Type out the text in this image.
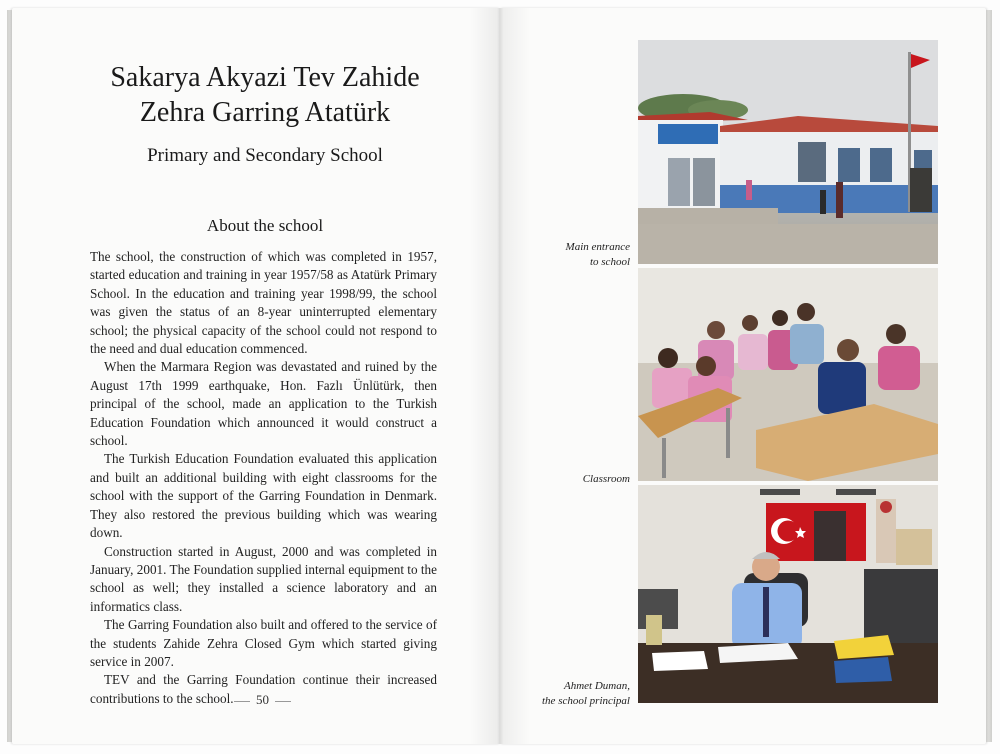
Sakarya Akyazi Tev Zahide
Zehra Garring Atatürk
Primary and Secondary School
About the school

The school, the construction of which was completed in 1957, started education and training in year 1957/58 as Atatürk Primary School. In the education and training year 1998/99, the school was given the status of an 8-year uninterrupted elementary school; the physical capacity of the school could not respond to the need and dual education commenced.

When the Marmara Region was devastated and ruined by the August 17th 1999 earthquake, Hon. Fazlı Ünlütürk, then principal of the school, made an application to the Turkish Education Foundation which announced it would construct a school.

The Turkish Education Foundation evaluated this application and built an additional building with eight classrooms for the school with the support of the Garring Foundation in Denmark. They also restored the previous building which was wearing down.

Construction started in August, 2000 and was completed in January, 2001. The Foundation supplied internal equipment to the school as well; they installed a science laboratory and an informatics class.

The Garring Foundation also built and offered to the service of the students Zahide Zehra Closed Gym which started giving service in 2007.

TEV and the Garring Foundation continue their increased contributions to the school.	50
Main entrance
to school
Classroom
Ahmet Duman,
the school principal
